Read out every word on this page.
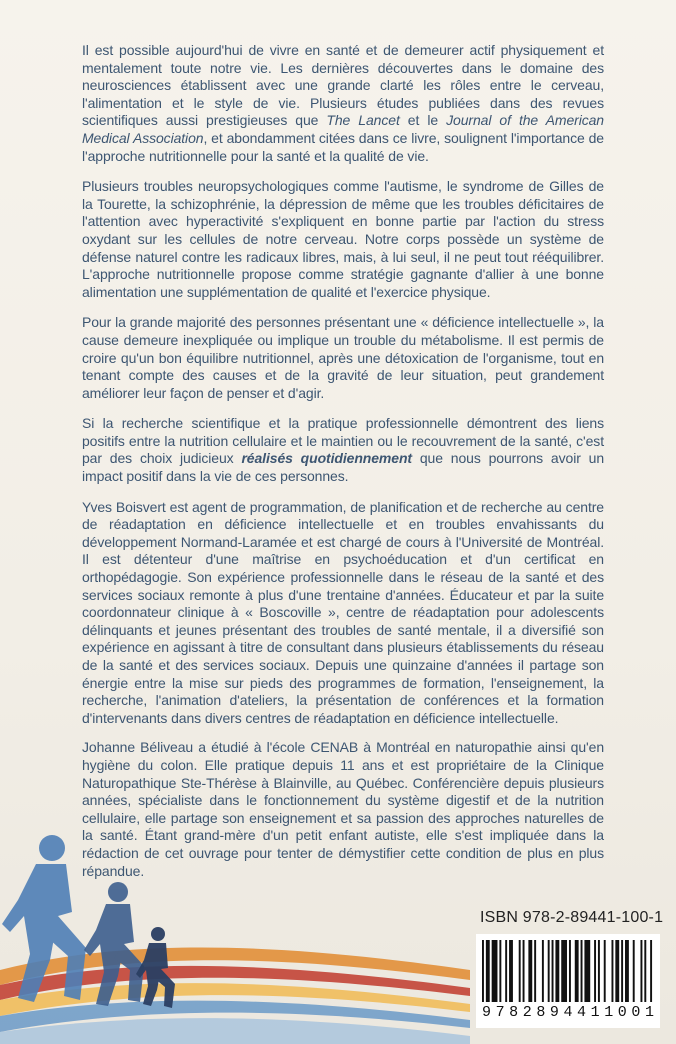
Il est possible aujourd'hui de vivre en santé et de demeurer actif physiquement et mentalement toute notre vie. Les dernières découvertes dans le domaine des neurosciences établissent avec une grande clarté les rôles entre le cerveau, l'alimentation et le style de vie. Plusieurs études publiées dans des revues scientifiques aussi prestigieuses que The Lancet et le Journal of the American Medical Association, et abondamment citées dans ce livre, soulignent l'importance de l'approche nutritionnelle pour la santé et la qualité de vie.

Plusieurs troubles neuropsychologiques comme l'autisme, le syndrome de Gilles de la Tourette, la schizophrénie, la dépression de même que les troubles déficitaires de l'attention avec hyperactivité s'expliquent en bonne partie par l'action du stress oxydant sur les cellules de notre cerveau. Notre corps possède un système de défense naturel contre les radicaux libres, mais, à lui seul, il ne peut tout rééquilibrer. L'approche nutritionnelle propose comme stratégie gagnante d'allier à une bonne alimentation une supplémentation de qualité et l'exercice physique.

Pour la grande majorité des personnes présentant une « déficience intellectuelle », la cause demeure inexpliquée ou implique un trouble du métabolisme. Il est permis de croire qu'un bon équilibre nutritionnel, après une détoxication de l'organisme, tout en tenant compte des causes et de la gravité de leur situation, peut grandement améliorer leur façon de penser et d'agir.

Si la recherche scientifique et la pratique professionnelle démontrent des liens positifs entre la nutrition cellulaire et le maintien ou le recouvrement de la santé, c'est par des choix judicieux réalisés quotidiennement que nous pourrons avoir un impact positif dans la vie de ces personnes.

Yves Boisvert est agent de programmation, de planification et de recherche au centre de réadaptation en déficience intellectuelle et en troubles envahissants du développement Normand-Laramée et est chargé de cours à l'Université de Montréal. Il est détenteur d'une maîtrise en psychoéducation et d'un certificat en orthopédagogie. Son expérience professionnelle dans le réseau de la santé et des services sociaux remonte à plus d'une trentaine d'années. Éducateur et par la suite coordonnateur clinique à « Boscoville », centre de réadaptation pour adolescents délinquants et jeunes présentant des troubles de santé mentale, il a diversifié son expérience en agissant à titre de consultant dans plusieurs établissements du réseau de la santé et des services sociaux. Depuis une quinzaine d'années il partage son énergie entre la mise sur pieds des programmes de formation, l'enseignement, la recherche, l'animation d'ateliers, la présentation de conférences et la formation d'intervenants dans divers centres de réadaptation en déficience intellectuelle.

Johanne Béliveau a étudié à l'école CENAB à Montréal en naturopathie ainsi qu'en hygiène du colon. Elle pratique depuis 11 ans et est propriétaire de la Clinique Naturopathique Ste-Thérèse à Blainville, au Québec. Conférencière depuis plusieurs années, spécialiste dans le fonctionnement du système digestif et de la nutrition cellulaire, elle partage son enseignement et sa passion des approches naturelles de la santé. Étant grand-mère d'un petit enfant autiste, elle s'est impliquée dans la rédaction de cet ouvrage pour tenter de démystifier cette condition de plus en plus répandue.

ISBN 978-2-89441-100-1
9 7 8 2 8 9 4 4 1 1 0 0 1
